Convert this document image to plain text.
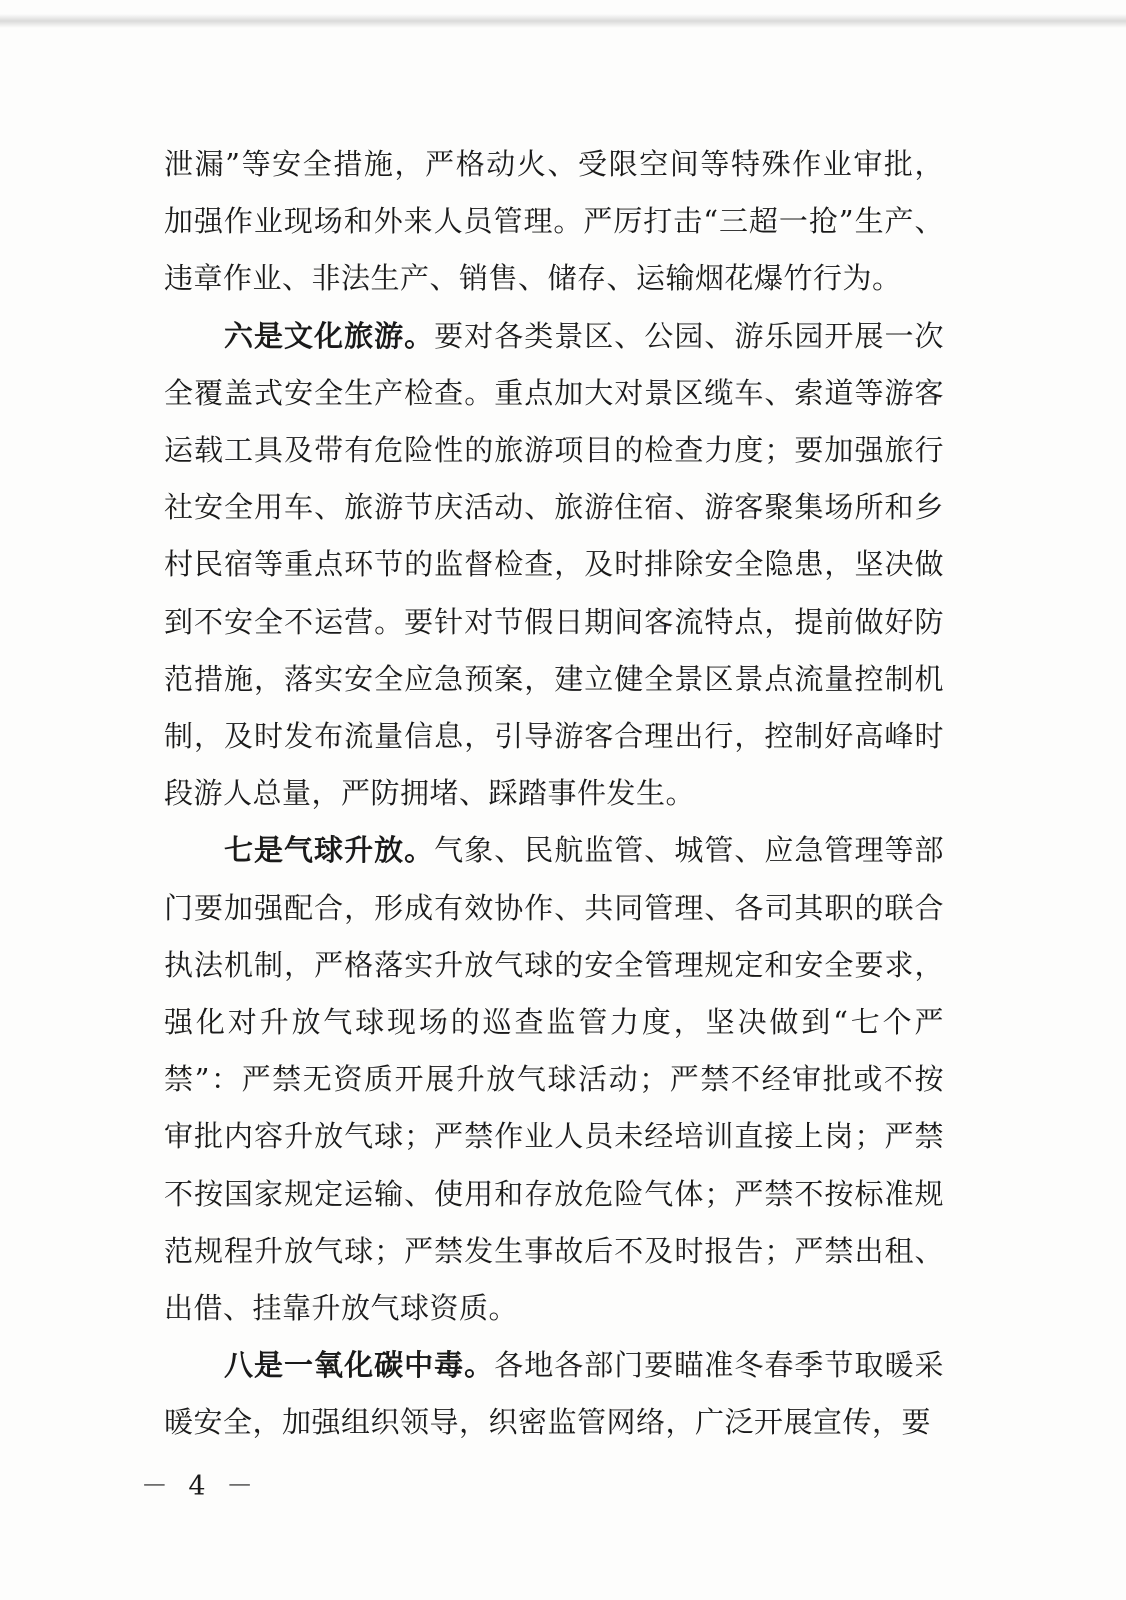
泄漏”等安全措施，严格动火、受限空间等特殊作业审批，加强作业现场和外来人员管理。严厉打击“三超一抢”生产、违章作业、非法生产、销售、储存、运输烟花爆竹行为。

六是文化旅游。要对各类景区、公园、游乐园开展一次全覆盖式安全生产检查。重点加大对景区缆车、索道等游客运载工具及带有危险性的旅游项目的检查力度；要加强旅行社安全用车、旅游节庆活动、旅游住宿、游客聚集场所和乡村民宿等重点环节的监督检查，及时排除安全隐患，坚决做到不安全不运营。要针对节假日期间客流特点，提前做好防范措施，落实安全应急预案，建立健全景区景点流量控制机制，及时发布流量信息，引导游客合理出行，控制好高峰时段游人总量，严防拥堵、踩踏事件发生。

七是气球升放。气象、民航监管、城管、应急管理等部门要加强配合，形成有效协作、共同管理、各司其职的联合执法机制，严格落实升放气球的安全管理规定和安全要求，强化对升放气球现场的巡查监管力度，坚决做到“七个严禁”：严禁无资质开展升放气球活动；严禁不经审批或不按审批内容升放气球；严禁作业人员未经培训直接上岗；严禁不按国家规定运输、使用和存放危险气体；严禁不按标准规范规程升放气球；严禁发生事故后不及时报告；严禁出租、出借、挂靠升放气球资质。

八是一氧化碳中毒。各地各部门要瞄准冬春季节取暖采暖安全，加强组织领导，织密监管网络，广泛开展宣传，要

－ 4 －
